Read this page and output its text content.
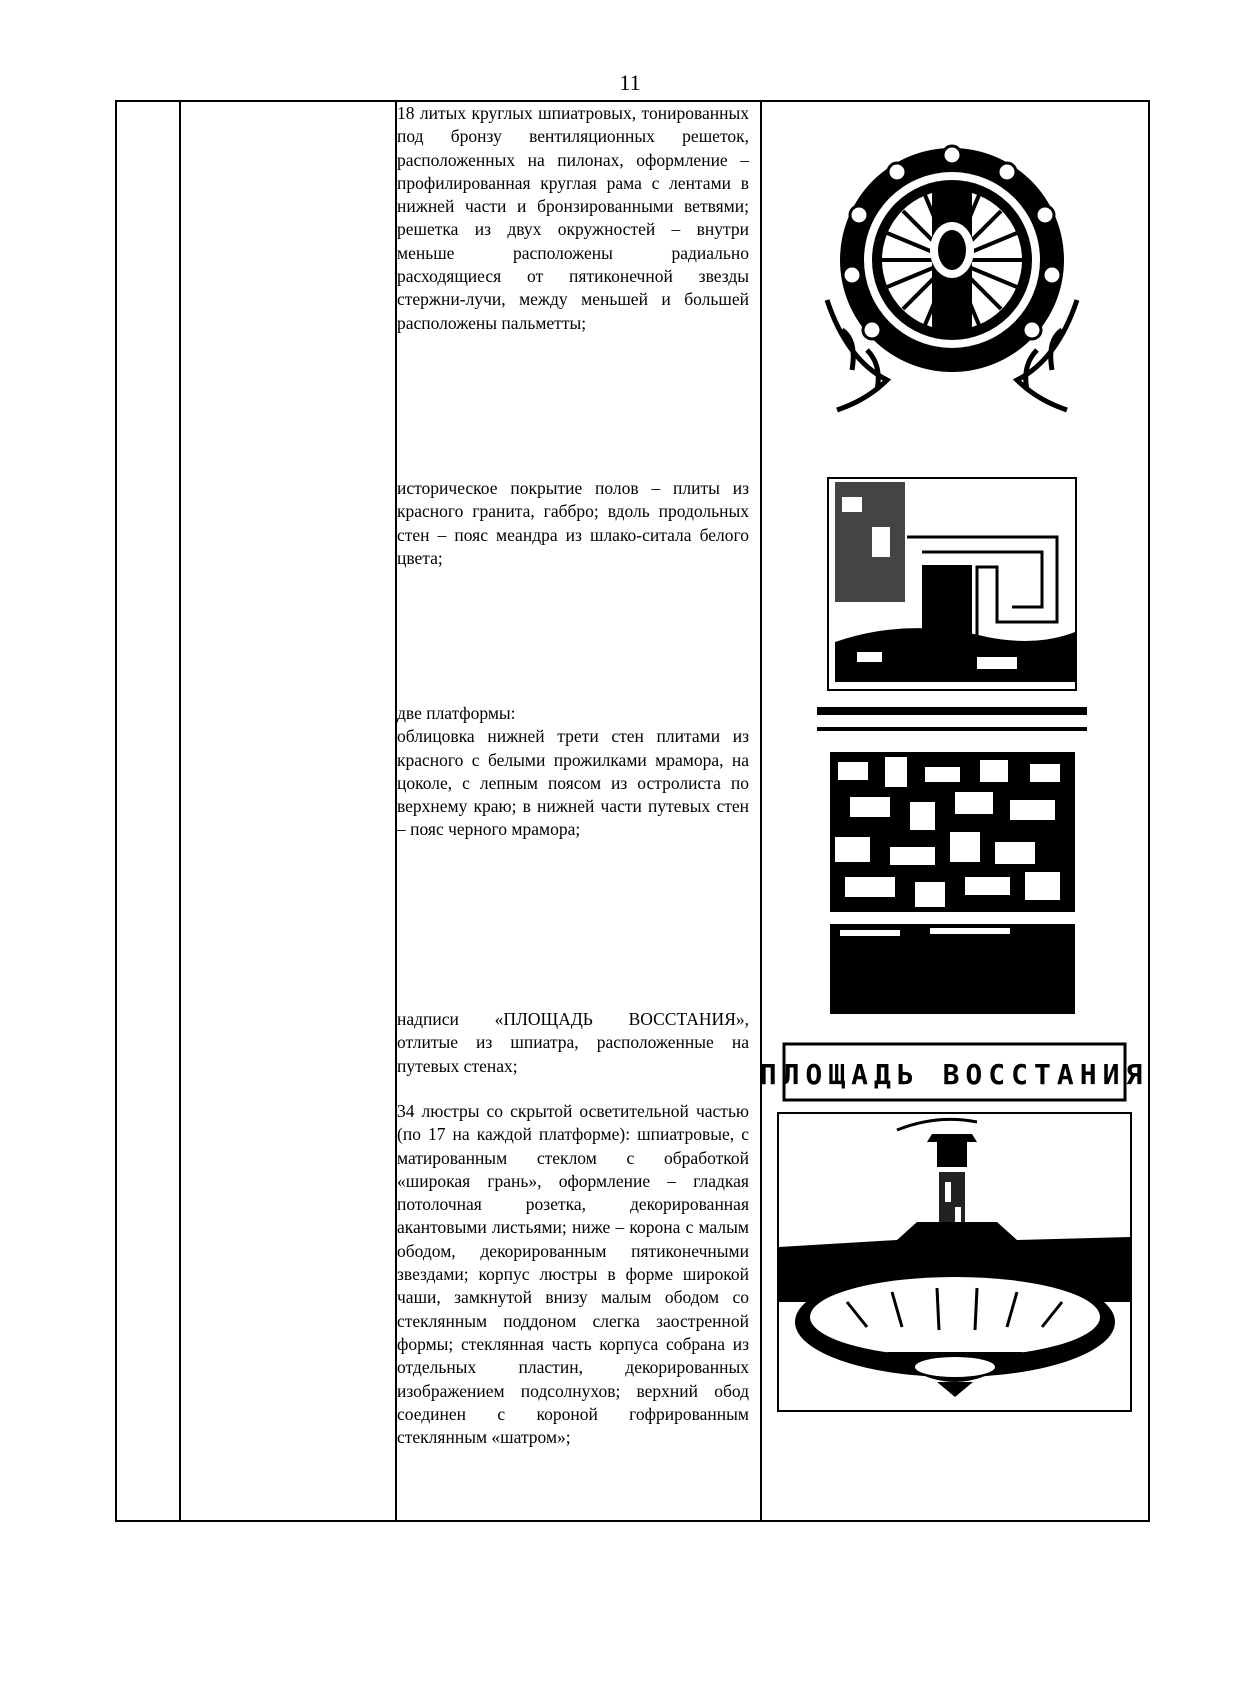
11

18 литых круглых шпиатровых, тонированных под бронзу вентиляционных решеток, расположенных на пилонах, оформление – профилированная круглая рама с лентами в нижней части и бронзированными ветвями; решетка из двух окружностей – внутри меньше расположены радиально расходящиеся от пятиконечной звезды стержни-лучи, между меньшей и большей расположены пальметты;

историческое покрытие полов – плиты из красного гранита, габбро; вдоль продольных стен – пояс меандра из шлако-ситала белого цвета;

две платформы:

облицовка нижней трети стен плитами из красного с белыми прожилками мрамора, на цоколе, с лепным поясом из остролиста по верхнему краю; в нижней части путевых стен – пояс черного мрамора;

надписи «ПЛОЩАДЬ ВОССТАНИЯ», отлитые из шпиатра, расположенные на путевых стенах;

34 люстры со скрытой осветительной частью (по 17 на каждой платформе): шпиатровые, с матированным стеклом с обработкой «широкая грань», оформление – гладкая потолочная розетка, декорированная акантовыми листьями; ниже – корона с малым ободом, декорированным пятиконечными звездами; корпус люстры в форме широкой чаши, замкнутой внизу малым ободом со стеклянным поддоном слегка заостренной формы; стеклянная часть корпуса собрана из отдельных пластин, декорированных изображением подсолнухов; верхний обод соединен с короной гофрированным стеклянным «шатром»;

ПЛОЩАДЬ ВОССТАНИЯ
